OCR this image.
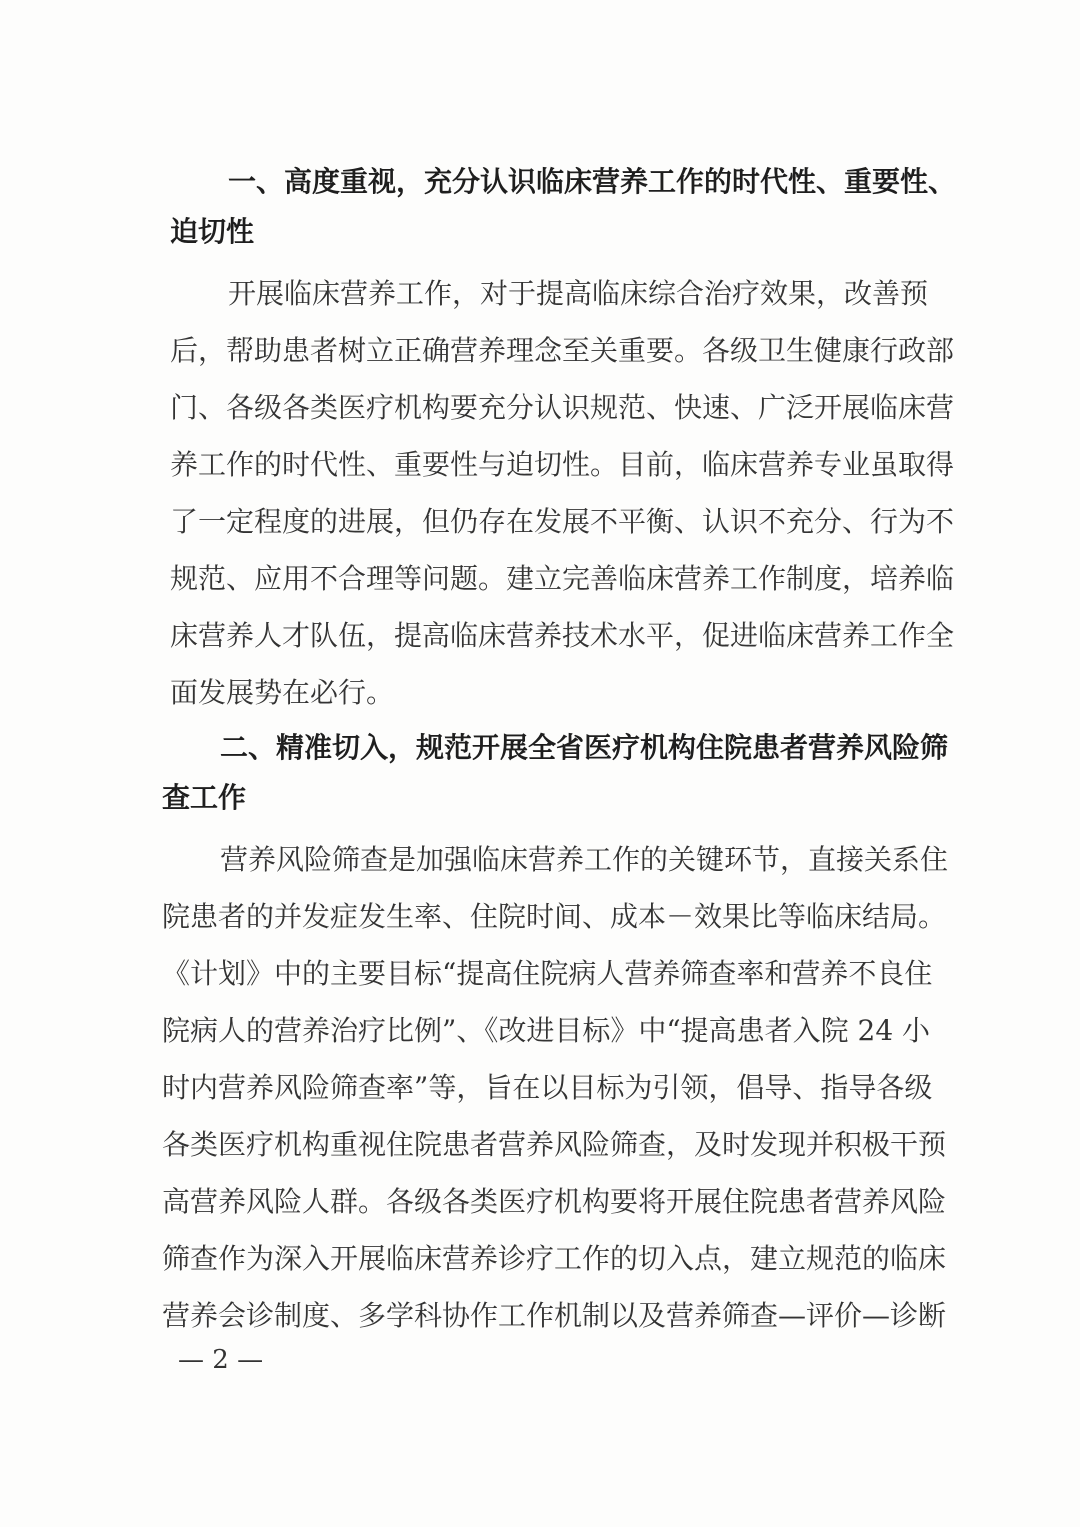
一、高度重视，充分认识临床营养工作的时代性、重要性、
迫切性
开展临床营养工作，对于提高临床综合治疗效果，改善预
后，帮助患者树立正确营养理念至关重要。各级卫生健康行政部
门、各级各类医疗机构要充分认识规范、快速、广泛开展临床营
养工作的时代性、重要性与迫切性。目前，临床营养专业虽取得
了一定程度的进展，但仍存在发展不平衡、认识不充分、行为不
规范、应用不合理等问题。建立完善临床营养工作制度，培养临
床营养人才队伍，提高临床营养技术水平，促进临床营养工作全
面发展势在必行。
二、精准切入，规范开展全省医疗机构住院患者营养风险筛
查工作
营养风险筛查是加强临床营养工作的关键环节，直接关系住
院患者的并发症发生率、住院时间、成本－效果比等临床结局。
《计划》中的主要目标“提高住院病人营养筛查率和营养不良住
院病人的营养治疗比例”、《改进目标》中“提高患者入院 24 小
时内营养风险筛查率”等，旨在以目标为引领，倡导、指导各级
各类医疗机构重视住院患者营养风险筛查，及时发现并积极干预
高营养风险人群。各级各类医疗机构要将开展住院患者营养风险
筛查作为深入开展临床营养诊疗工作的切入点，建立规范的临床
营养会诊制度、多学科协作工作机制以及营养筛查—评价—诊断
— 2 —
